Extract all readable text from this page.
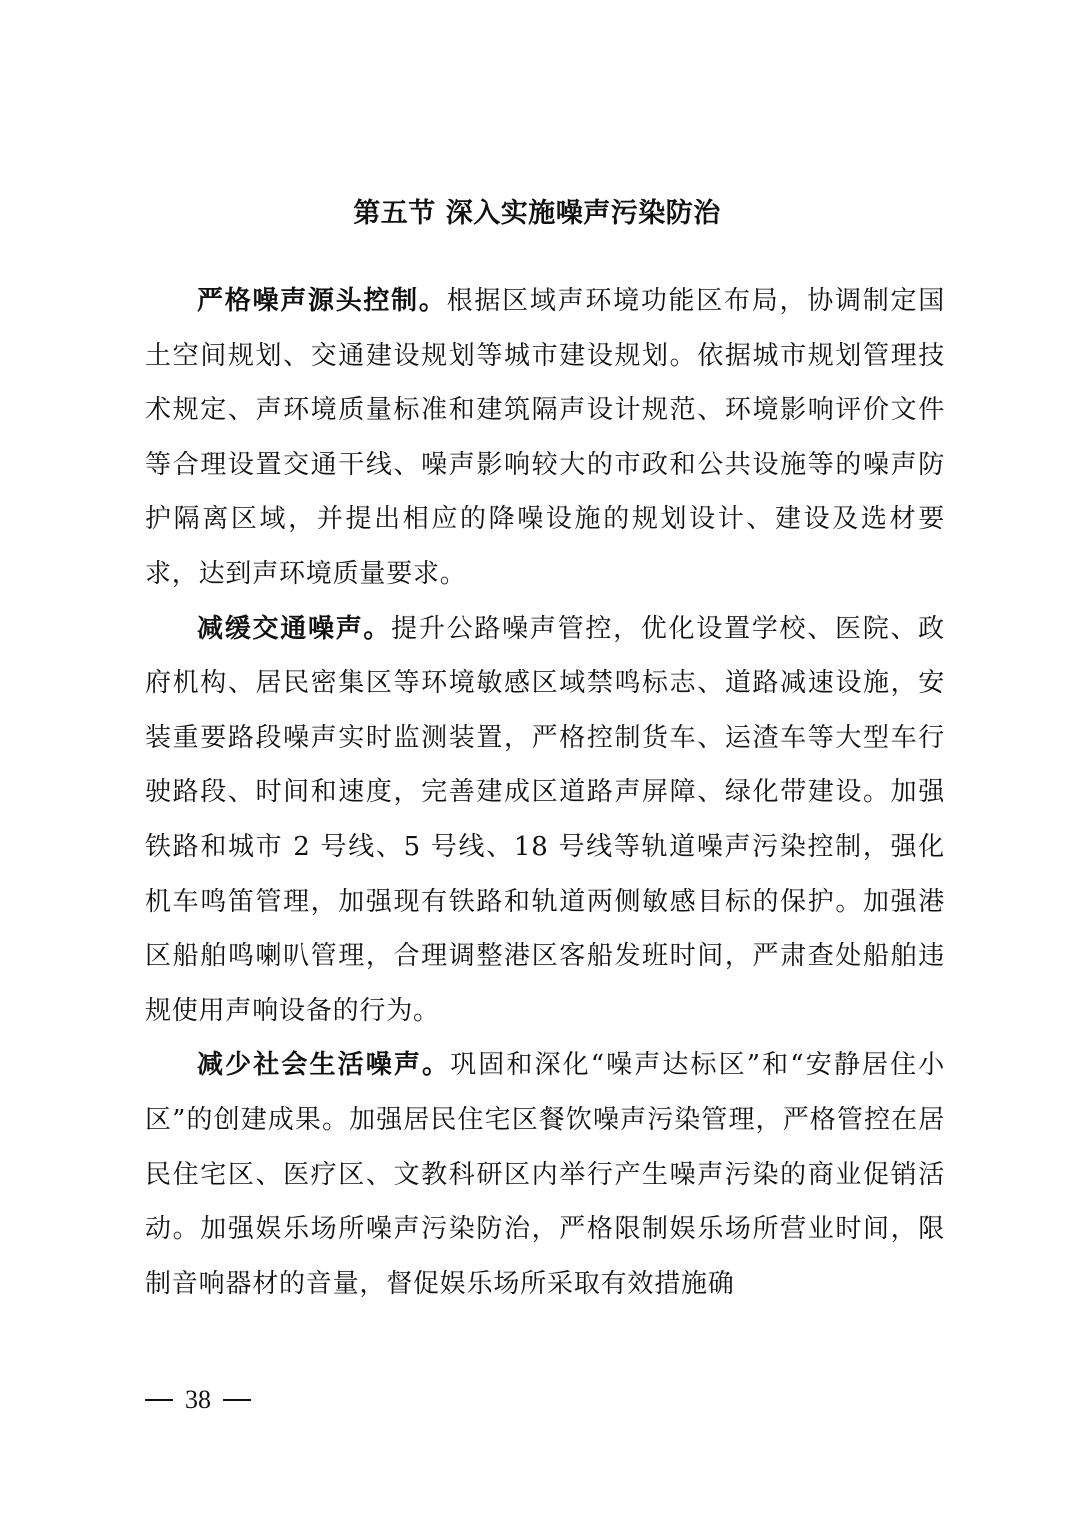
第五节 深入实施噪声污染防治

严格噪声源头控制。根据区域声环境功能区布局，协调制定国土空间规划、交通建设规划等城市建设规划。依据城市规划管理技术规定、声环境质量标准和建筑隔声设计规范、环境影响评价文件等合理设置交通干线、噪声影响较大的市政和公共设施等的噪声防护隔离区域，并提出相应的降噪设施的规划设计、建设及选材要求，达到声环境质量要求。

减缓交通噪声。提升公路噪声管控，优化设置学校、医院、政府机构、居民密集区等环境敏感区域禁鸣标志、道路减速设施，安装重要路段噪声实时监测装置，严格控制货车、运渣车等大型车行驶路段、时间和速度，完善建成区道路声屏障、绿化带建设。加强铁路和城市 2 号线、5 号线、18 号线等轨道噪声污染控制，强化机车鸣笛管理，加强现有铁路和轨道两侧敏感目标的保护。加强港区船舶鸣喇叭管理，合理调整港区客船发班时间，严肃查处船舶违规使用声响设备的行为。

减少社会生活噪声。巩固和深化“噪声达标区”和“安静居住小区”的创建成果。加强居民住宅区餐饮噪声污染管理，严格管控在居民住宅区、医疗区、文教科研区内举行产生噪声污染的商业促销活动。加强娱乐场所噪声污染防治，严格限制娱乐场所营业时间，限制音响器材的音量，督促娱乐场所采取有效措施确

38
